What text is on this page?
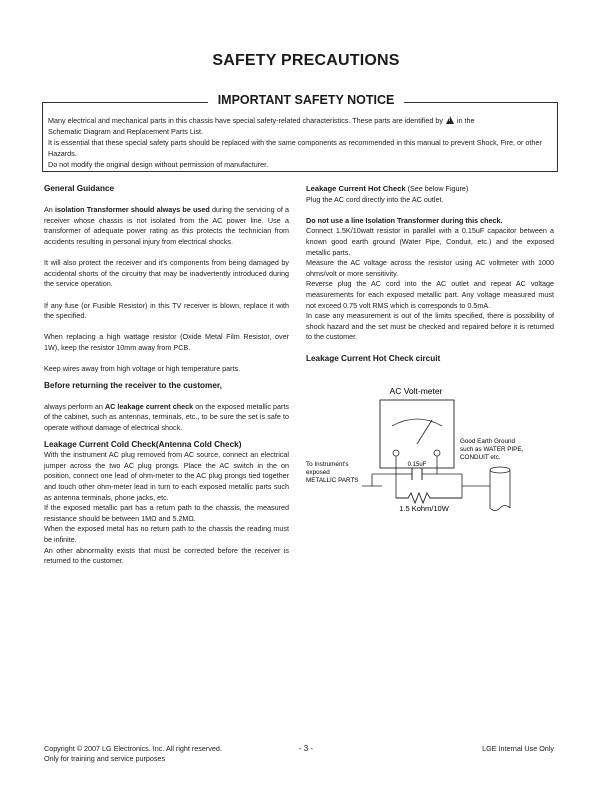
SAFETY PRECAUTIONS
IMPORTANT SAFETY NOTICE

Many electrical and mechanical parts in this chassis have special safety-related characteristics. These parts are identified by! in the

Schematic Diagram and Replacement Parts List.

It is essential that these special safety parts should be replaced with the same components as recommended in this manual to prevent Shock, Fire, or other Hazards.

Do not modify the original design without permission of manufacturer.

General Guidance

An isolation Transformer should always be used during the servicing of a receiver whose chassis is not isolated from the AC power line. Use a transformer of adequate power rating as this protects the technician from accidents resulting in personal injury from electrical shocks.

It will also protect the receiver and it's components from being damaged by accidental shorts of the circuitry that may be inadvertently introduced during the service operation.

If any fuse (or Fusible Resistor) in this TV receiver is blown, replace it with the specified.

When replacing a high wattage resistor (Oxide Metal Film Resistor, over 1W), keep the resistor 10mm away from PCB.

Keep wires away from high voltage or high temperature parts.

Before returning the receiver to the customer,

always perform an AC leakage current check on the exposed metallic parts of the cabinet, such as antennas, terminals, etc., to be sure the set is safe to operate without damage of electrical shock.

Leakage Current Cold Check(Antenna Cold Check)

With the instrument AC plug removed from AC source, connect an electrical jumper across the two AC plug prongs. Place the AC switch in the on position, connect one lead of ohm-meter to the AC plug prongs tied together and touch other ohm-meter lead in turn to each exposed metallic parts such as antenna terminals, phone jacks, etc.

If the exposed metallic part has a return path to the chassis, the measured resistance should be between 1MΩ and 5.2MΩ.

When the exposed metal has no return path to the chassis the reading must be infinite.

An other abnormality exists that must be corrected before the receiver is returned to the customer.

Leakage Current Hot Check (See below Figure)

Plug the AC cord directly into the AC outlet.

Do not use a line Isolation Transformer during this check.

Connect 1.5K/10watt resistor in parallel with a 0.15uF capacitor between a known good earth ground (Water Pipe, Conduit, etc.) and the exposed metallic parts.

Measure the AC voltage across the resistor using AC voltmeter with 1000 ohms/volt or more sensitivity.

Reverse plug the AC cord into the AC outlet and repeat AC voltage measurements for each exposed metallic part. Any voltage measured must not exceed 0.75 volt RMS which is corresponds to 0.5mA.

In case any measurement is out of the limits specified, there is possibility of shock hazard and the set must be checked and repaired before it is returned to the customer.

Leakage Current Hot Check circuit
AC Volt-meter
0.15uF
1.5 Kohm/10W
To Instrument's
exposed
METALLIC PARTS
Good Earth Ground
such as WATER PIPE,
CONDUIT etc.
Copyright © 2007 LG Electronics. Inc. All right reserved.
Only for training and service purposes
- 3 -	LGE Internal Use Only
